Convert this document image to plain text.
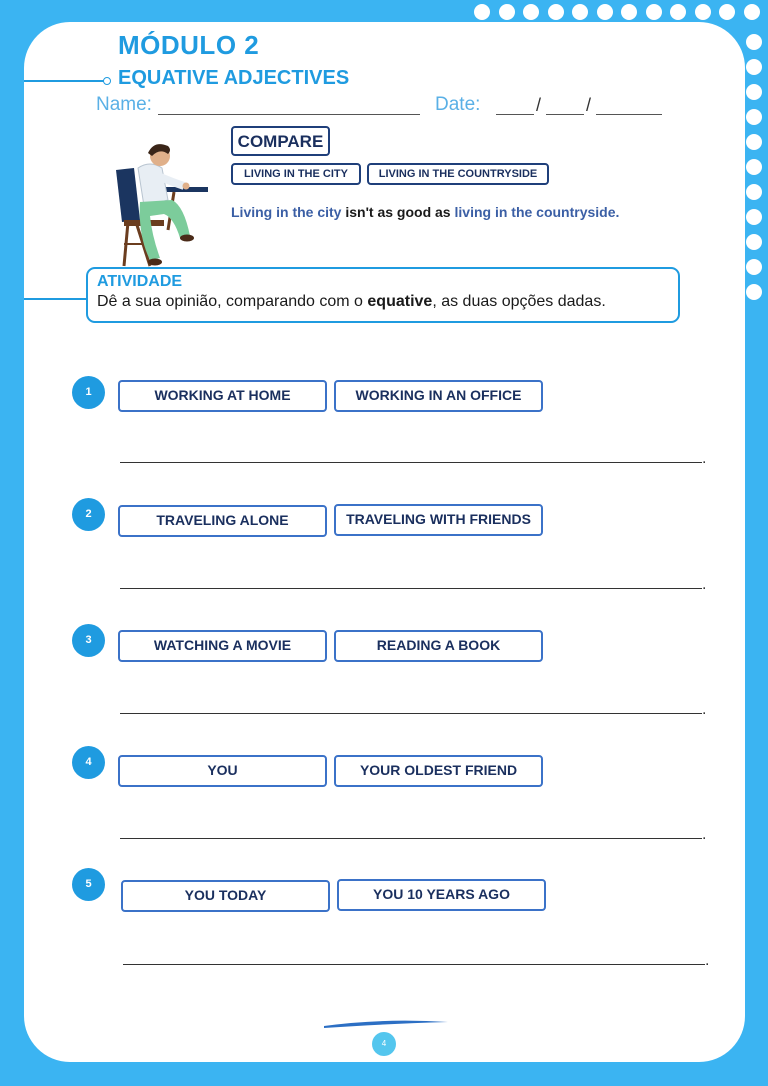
MÓDULO 2
EQUATIVE ADJECTIVES
Name:	Date:	/ /
COMPARE
LIVING IN THE CITY	LIVING IN THE COUNTRYSIDE
Living in the city isn't as good as living in the countryside.
ATIVIDADE
Dê a sua opinião, comparando com o equative, as duas opções dadas.
1	WORKING AT HOME	WORKING IN AN OFFICE
.
2	TRAVELING ALONE	TRAVELING WITH FRIENDS
.
3	WATCHING A MOVIE	READING A BOOK
.
4	YOU	YOUR OLDEST FRIEND
.
5
YOU TODAY	YOU 10 YEARS AGO
.
4
